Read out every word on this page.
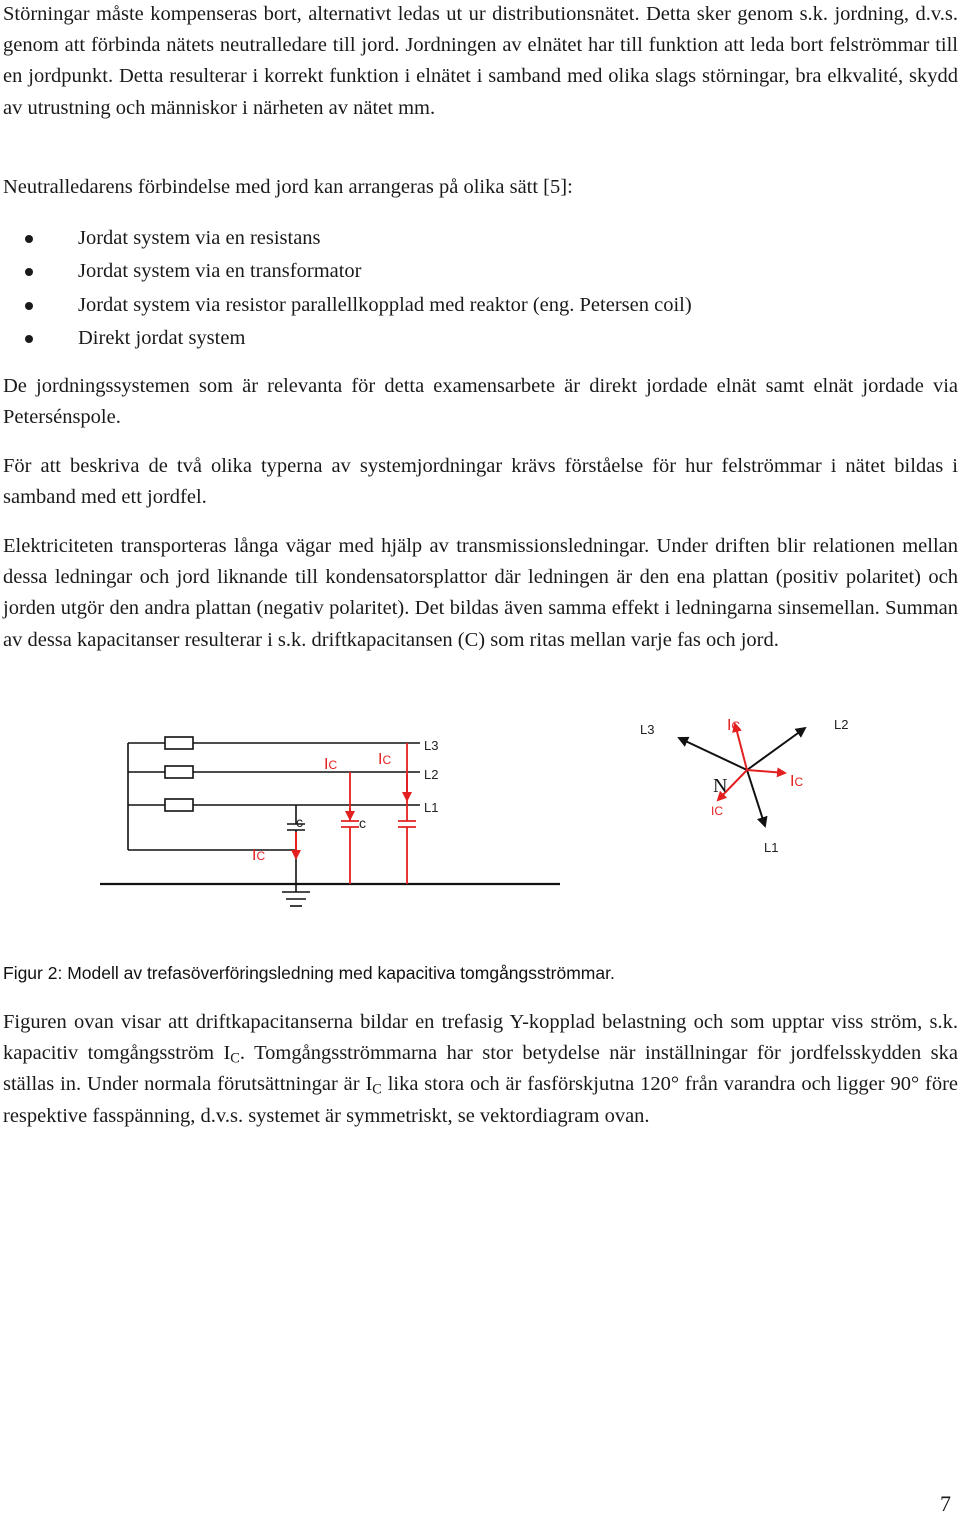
Störningar måste kompenseras bort, alternativt ledas ut ur distributionsnätet. Detta sker genom s.k. jordning, d.v.s. genom att förbinda nätets neutralledare till jord. Jordningen av elnätet har till funktion att leda bort felströmmar till en jordpunkt. Detta resulterar i korrekt funktion i elnätet i samband med olika slags störningar, bra elkvalité, skydd av utrustning och människor i närheten av nätet mm.

Neutralledarens förbindelse med jord kan arrangeras på olika sätt [5]:

Jordat system via en resistans
Jordat system via en transformator
Jordat system via resistor parallellkopplad med reaktor (eng. Petersen coil)
Direkt jordat system

De jordningssystemen som är relevanta för detta examensarbete är direkt jordade elnät samt elnät jordade via Petersénspole.

För att beskriva de två olika typerna av systemjordningar krävs förståelse för hur felströmmar i nätet bildas i samband med ett jordfel.

Elektriciteten transporteras långa vägar med hjälp av transmissionsledningar. Under driften blir relationen mellan dessa ledningar och jord liknande till kondensatorsplattor där ledningen är den ena plattan (positiv polaritet) och jorden utgör den andra plattan (negativ polaritet). Det bildas även samma effekt i ledningarna sinsemellan. Summan av dessa kapacitanser resulterar i s.k. driftkapacitansen (C) som ritas mellan varje fas och jord.

L3
L2
L1
IC	IC
IC
c	c
L3	L2
L1
N
IC
IC
IC

Figur 2: Modell av trefasöverföringsledning med kapacitiva tomgångsströmmar.

Figuren ovan visar att driftkapacitanserna bildar en trefasig Y-kopplad belastning och som upptar viss ström, s.k. kapacitiv tomgångsström $I_C$. Tomgångsströmmarna har stor betydelse när inställningar för jordfelsskydden ska ställas in. Under normala förutsättningar är $I_C$ lika stora och är fasförskjutna 120° från varandra och ligger 90° före respektive fasspänning, d.v.s. systemet är symmetriskt, se vektordiagram ovan.

7
